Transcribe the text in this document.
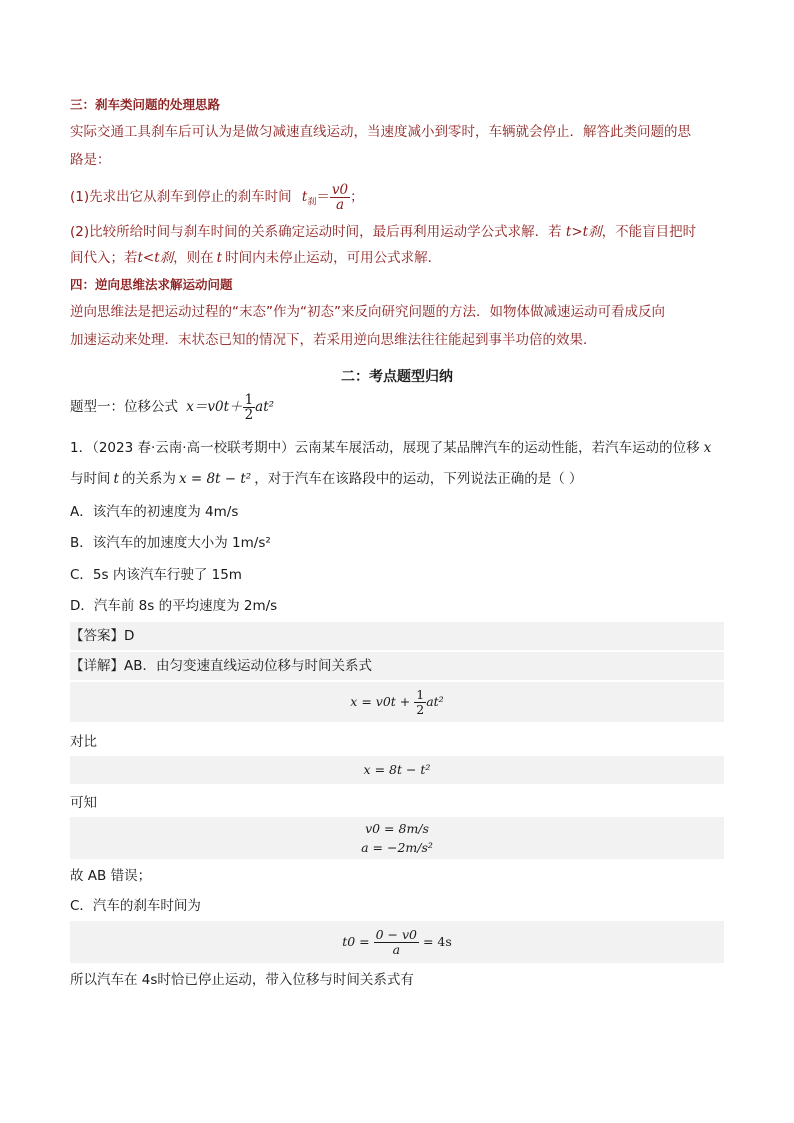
三：刹车类问题的处理思路
实际交通工具刹车后可认为是做匀减速直线运动，当速度减小到零时，车辆就会停止．解答此类问题的思
路是：
(1)先求出它从刹车到停止的刹车时间 $t_刹= \frac{v0}{a}$ ；
(2)比较所给时间与刹车时间的关系确定运动时间，最后再利用运动学公式求解．若 t>t刹，不能盲目把时
间代入；若t<t刹，则在 t 时间内未停止运动，可用公式求解．
四：逆向思维法求解运动问题
逆向思维法是把运动过程的“末态”作为“初态”来反向研究问题的方法．如物体做减速运动可看成反向
加速运动来处理．末状态已知的情况下，若采用逆向思维法往往能起到事半功倍的效果．
二：考点题型归纳
题型一：位移公式 $x=v0t+ \frac{1}{2} at^2$
1．（2023 春·云南·高一校联考期中）云南某车展活动，展现了某品牌汽车的运动性能，若汽车运动的位移 x
与时间 t 的关系为 x = 8t − t² ，对于汽车在该路段中的运动，下列说法正确的是（ ）
A．该汽车的初速度为 4m/s
B．该汽车的加速度大小为 1m/s²
C．5s 内该汽车行驶了 15m
D．汽车前 8s 的平均速度为 2m/s
【答案】D
【详解】AB．由匀变速直线运动位移与时间关系式
$x = v0t + \frac{1}{2} at^2$
对比
x = 8t − t²
可知
v0 = 8m/s
a = −2m/s²
故 AB 错误；
C．汽车的刹车时间为
$t0 = \frac{0 - v0}{a} = 4s$
所以汽车在 4s时恰已停止运动，带入位移与时间关系式有
